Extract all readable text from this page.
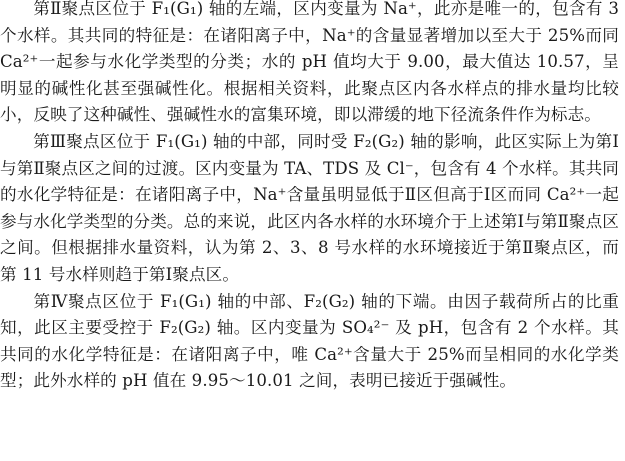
第Ⅱ聚点区位于 F₁(G₁) 轴的左端，区内变量为 Na⁺，此亦是唯一的，包含有 3 个水样。其共同的特征是：在诸阳离子中，Na⁺的含量显著增加以至大于 25%而同 Ca²⁺一起参与水化学类型的分类；水的 pH 值均大于 9.00，最大值达 10.57，呈明显的碱性化甚至强碱性化。根据相关资料，此聚点区内各水样点的排水量均比较小，反映了这种碱性、强碱性水的富集环境，即以滞缓的地下径流条件作为标志。

第Ⅲ聚点区位于 F₁(G₁) 轴的中部，同时受 F₂(G₂) 轴的影响，此区实际上为第Ⅰ与第Ⅱ聚点区之间的过渡。区内变量为 TA、TDS 及 Cl⁻，包含有 4 个水样。其共同的水化学特征是：在诸阳离子中，Na⁺含量虽明显低于Ⅱ区但高于Ⅰ区而同 Ca²⁺一起参与水化学类型的分类。总的来说，此区内各水样的水环境介于上述第Ⅰ与第Ⅱ聚点区之间。但根据排水量资料，认为第 2、3、8 号水样的水环境接近于第Ⅱ聚点区，而第 11 号水样则趋于第Ⅰ聚点区。

第Ⅳ聚点区位于 F₁(G₁) 轴的中部、F₂(G₂) 轴的下端。由因子载荷所占的比重知，此区主要受控于 F₂(G₂) 轴。区内变量为 SO₄²⁻ 及 pH，包含有 2 个水样。其共同的水化学特征是：在诸阳离子中，唯 Ca²⁺含量大于 25%而呈相同的水化学类型；此外水样的 pH 值在 9.95～10.01 之间，表明已接近于强碱性。
